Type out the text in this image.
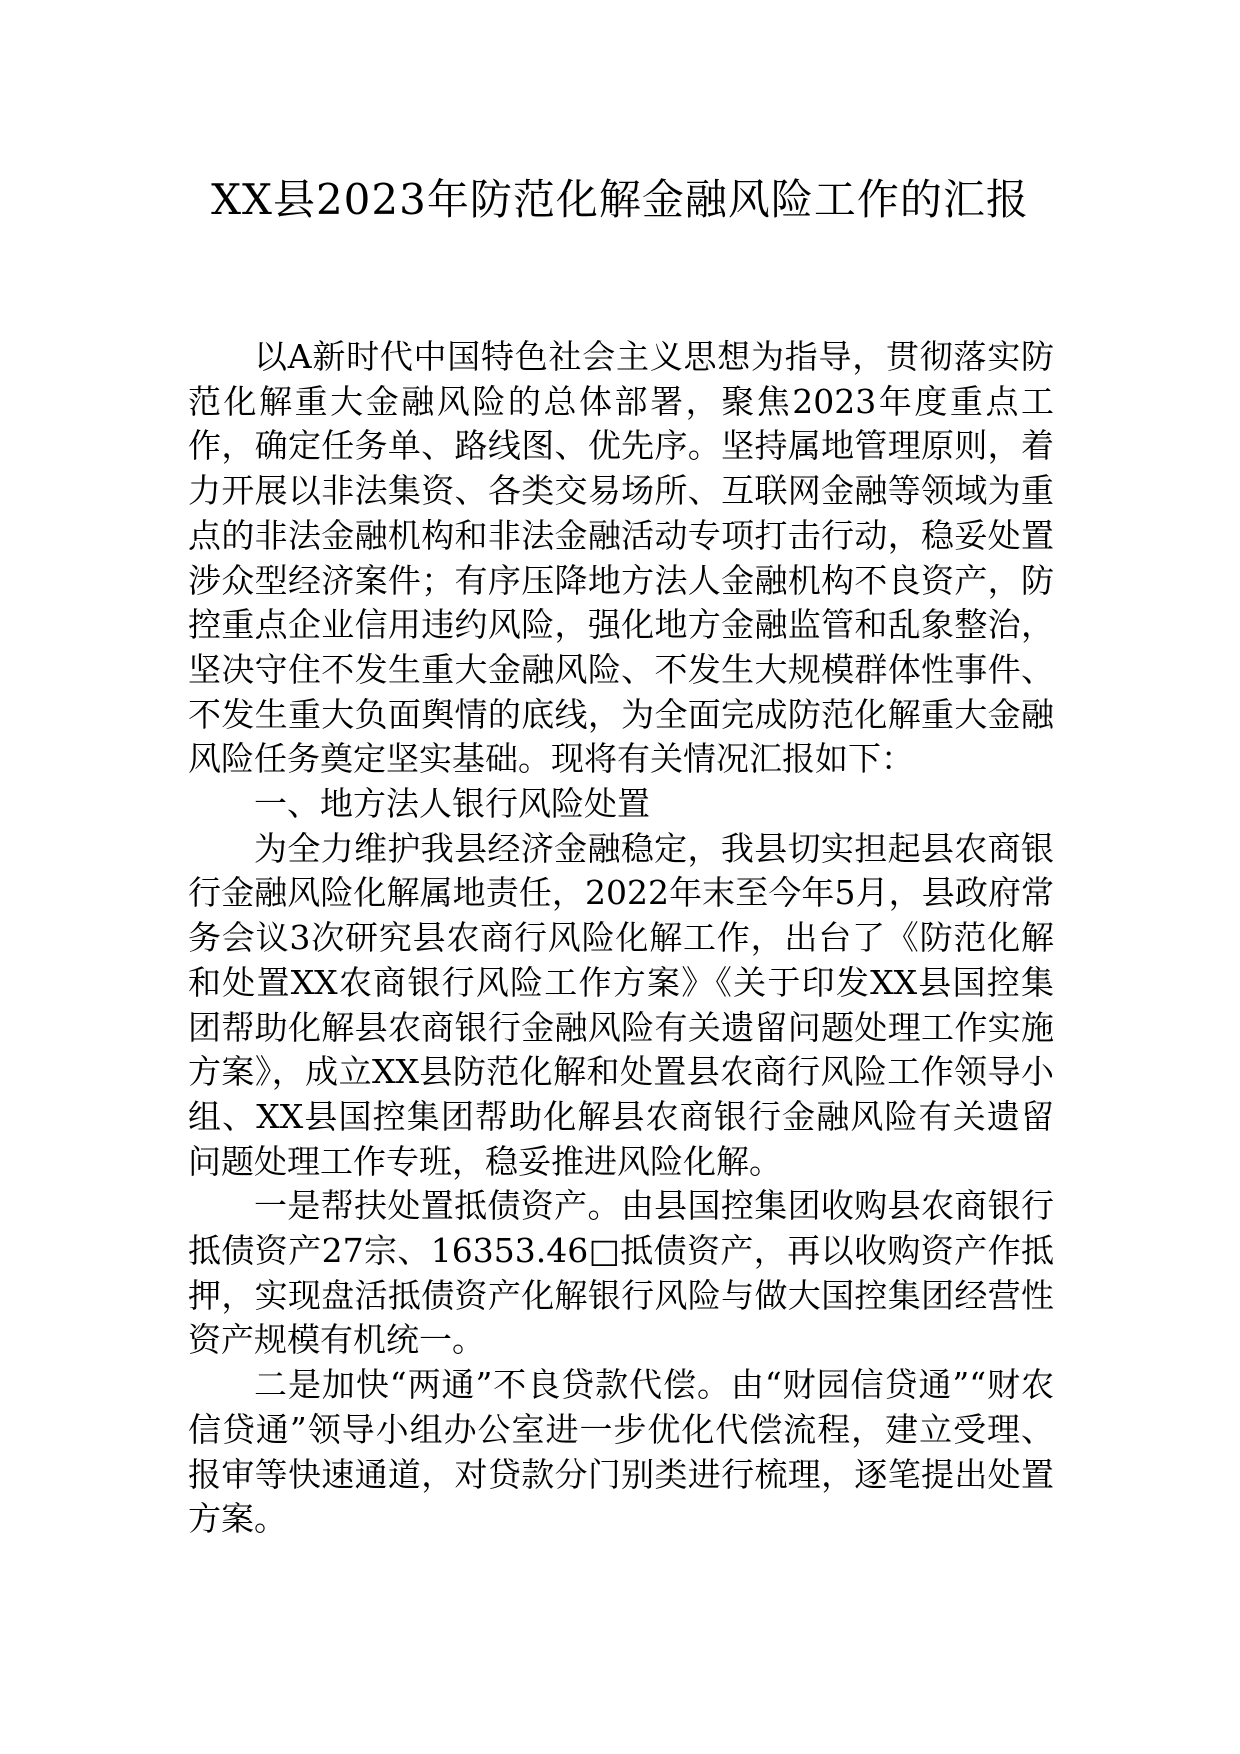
XX县2023年防范化解金融风险工作的汇报

以A新时代中国特色社会主义思想为指导，贯彻落实防范化解重大金融风险的总体部署，聚焦2023年度重点工作，确定任务单、路线图、优先序。坚持属地管理原则，着力开展以非法集资、各类交易场所、互联网金融等领域为重点的非法金融机构和非法金融活动专项打击行动，稳妥处置涉众型经济案件；有序压降地方法人金融机构不良资产，防控重点企业信用违约风险，强化地方金融监管和乱象整治，坚决守住不发生重大金融风险、不发生大规模群体性事件、不发生重大负面舆情的底线，为全面完成防范化解重大金融风险任务奠定坚实基础。现将有关情况汇报如下：

一、地方法人银行风险处置

为全力维护我县经济金融稳定，我县切实担起县农商银行金融风险化解属地责任，2022年末至今年5月，县政府常务会议3次研究县农商行风险化解工作，出台了《防范化解和处置XX农商银行风险工作方案》《关于印发XX县国控集团帮助化解县农商银行金融风险有关遗留问题处理工作实施方案》，成立XX县防范化解和处置县农商行风险工作领导小组、XX县国控集团帮助化解县农商银行金融风险有关遗留问题处理工作专班，稳妥推进风险化解。

一是帮扶处置抵债资产。由县国控集团收购县农商银行抵债资产27宗、16353.46□抵债资产，再以收购资产作抵押，实现盘活抵债资产化解银行风险与做大国控集团经营性资产规模有机统一。

二是加快“两通”不良贷款代偿。由“财园信贷通”“财农信贷通”领导小组办公室进一步优化代偿流程，建立受理、报审等快速通道，对贷款分门别类进行梳理，逐笔提出处置方案。
